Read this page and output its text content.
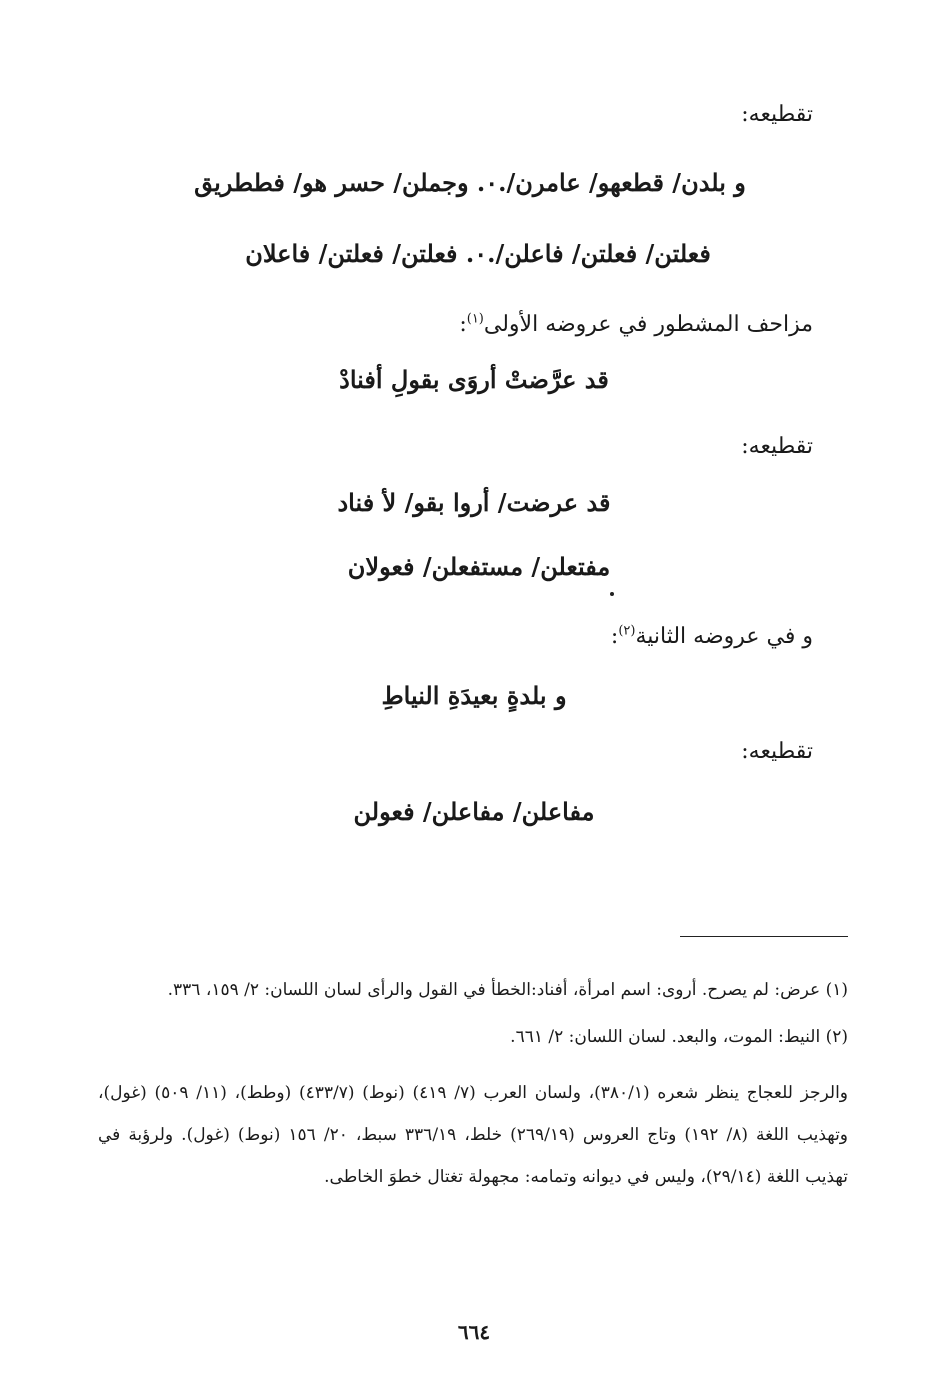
تقطيعه:
و بلدن/ قطعهو/ عامرن/.٠. وجملن/ حسر هو/ فططريق
فعلتن/ فعلتن/ فاعلن/.٠. فعلتن/ فعلتن/ فاعلان
مزاحف المشطور في عروضه الأولى$^{(١)}$:
قد عرَّضتْ أروَى بقولِ أفنادْ
تقطيعه:
قد عرضت/ أروا بقو/ لأ فناد
مفتعلن/ مستفعلن/ فعولان
و في عروضه الثانية$^{(٢)}$:
و بلدةٍ بعيدَةِ النياطِ
تقطيعه:
مفاعلن/ مفاعلن/ فعولن
(١) عرض: لم يصرح. أروى: اسم امرأة، أفناد:الخطأ في القول والرأى لسان اللسان: ٢/ ١٥٩، ٣٣٦.
(٢) النيط: الموت، والبعد. لسان اللسان: ٢/ ٦٦١.
والرجز للعجاج ينظر شعره (٣٨٠/١)، ولسان العرب (٧/ ٤١٩) (نوط) (٤٣٣/٧) (وطط)، (١١/ ٥٠٩) (غول)، وتهذيب اللغة (٨/ ١٩٢) وتاج العروس (٢٦٩/١٩) خلط، ٣٣٦/١٩ سبط، ٢٠/ ١٥٦ (نوط) (غول). ولرؤبة في تهذيب اللغة (٢٩/١٤)، وليس في ديوانه وتمامه: مجهولة تغتال خطوَ الخاطى.
٦٦٤
